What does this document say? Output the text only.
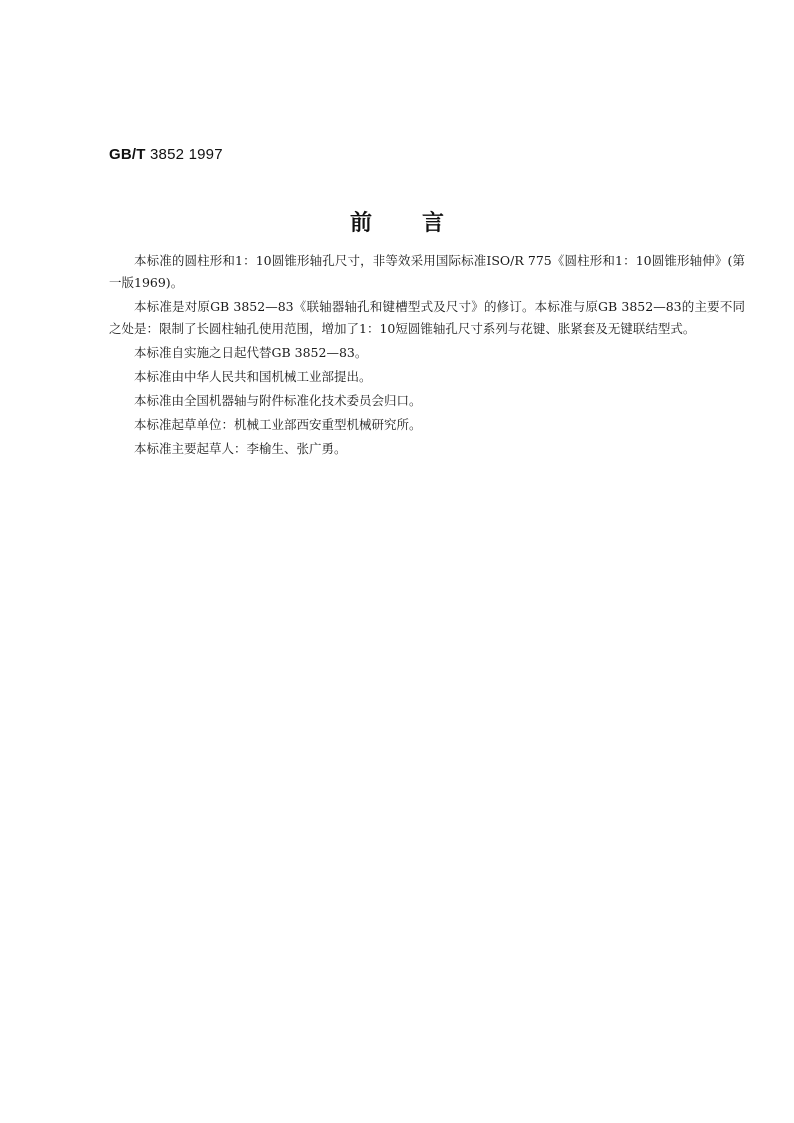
GB/T 3852 1997
前言

本标准的圆柱形和1：10圆锥形轴孔尺寸，非等效采用国际标准ISO/R 775《圆柱形和1：10圆锥形轴伸》(第一版1969)。

本标准是对原GB 3852—83《联轴器轴孔和键槽型式及尺寸》的修订。本标准与原GB 3852—83的主要不同之处是：限制了长圆柱轴孔使用范围，增加了1：10短圆锥轴孔尺寸系列与花键、胀紧套及无键联结型式。

本标准自实施之日起代替GB 3852—83。

本标准由中华人民共和国机械工业部提出。

本标准由全国机器轴与附件标准化技术委员会归口。

本标准起草单位：机械工业部西安重型机械研究所。

本标准主要起草人：李榆生、张广勇。
